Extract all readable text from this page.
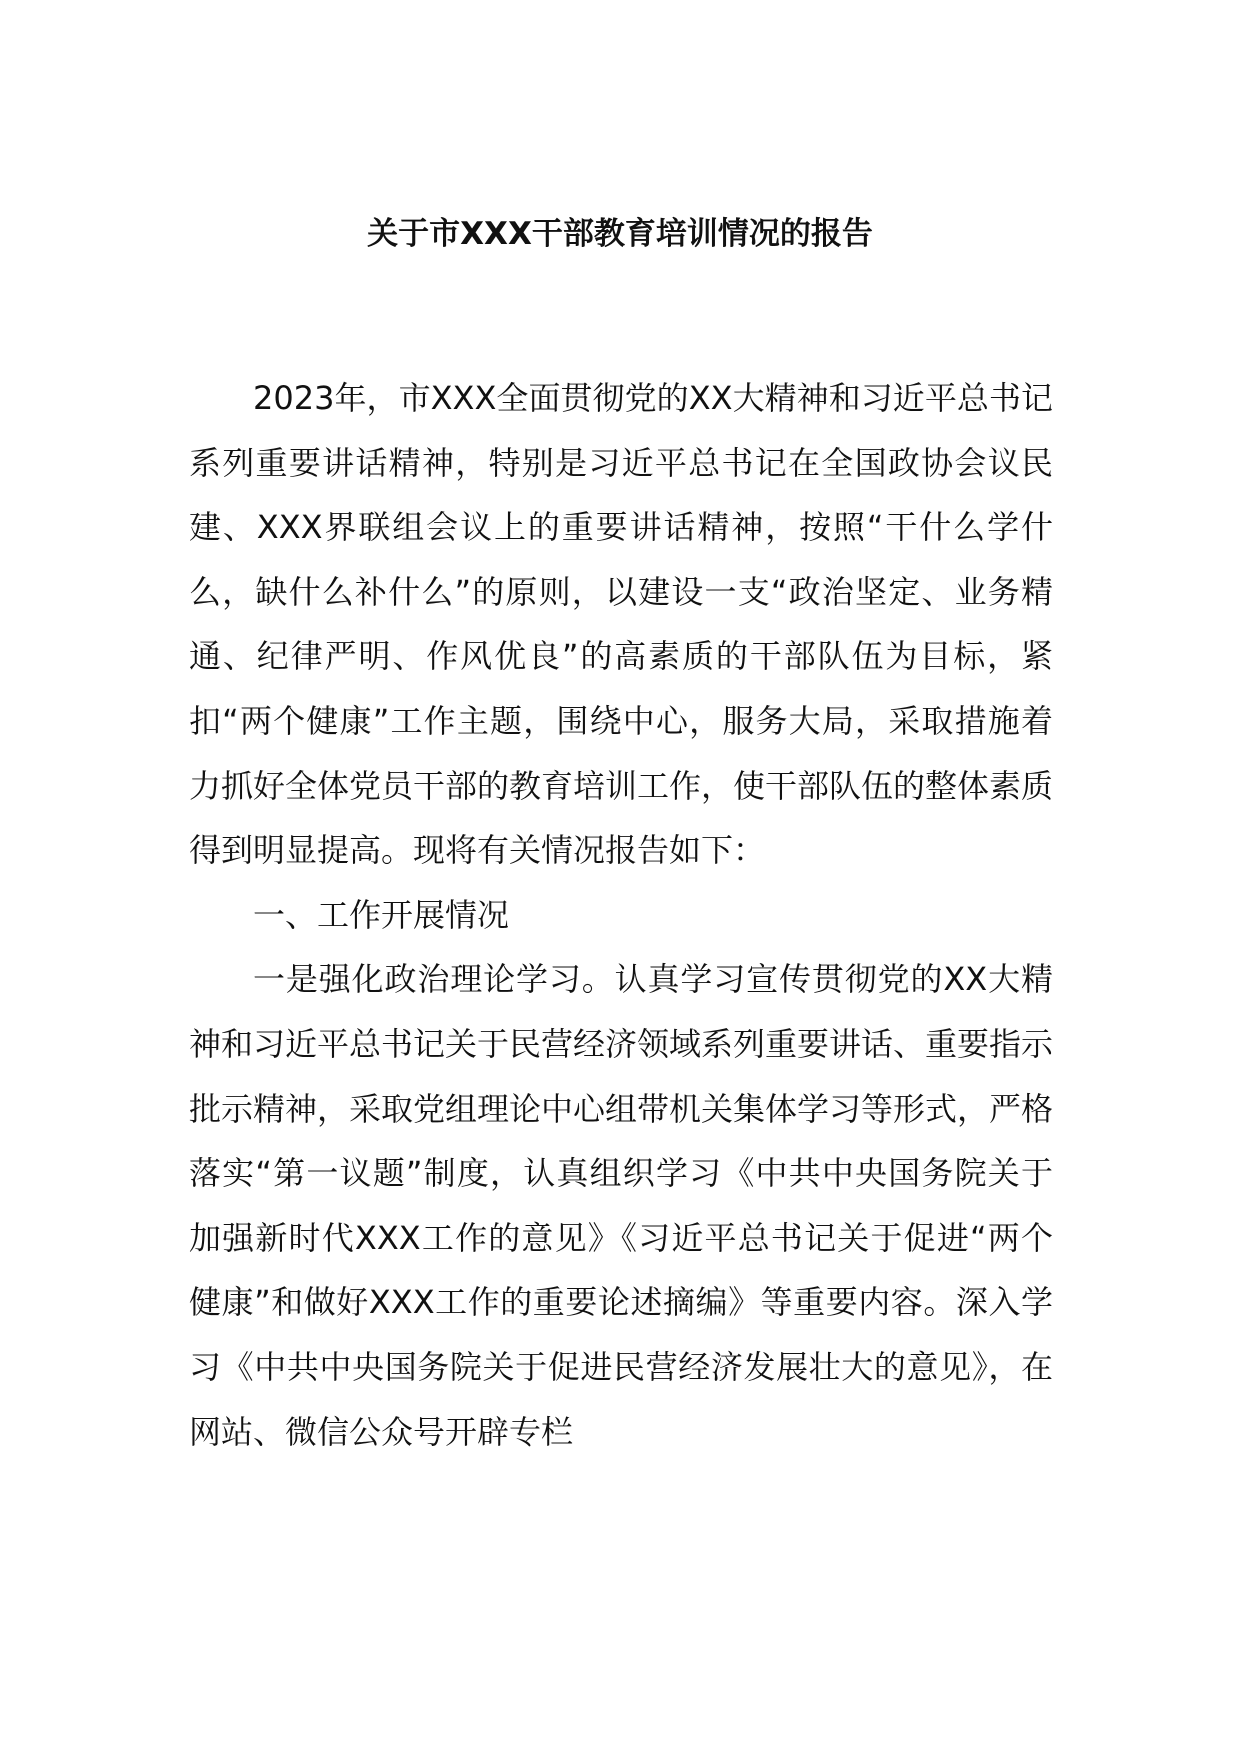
关于市XXX干部教育培训情况的报告

2023年，市XXX全面贯彻党的XX大精神和习近平总书记系列重要讲话精神，特别是习近平总书记在全国政协会议民建、XXX界联组会议上的重要讲话精神，按照“干什么学什么，缺什么补什么”的原则，以建设一支“政治坚定、业务精通、纪律严明、作风优良”的高素质的干部队伍为目标，紧扣“两个健康”工作主题，围绕中心，服务大局，采取措施着力抓好全体党员干部的教育培训工作，使干部队伍的整体素质得到明显提高。现将有关情况报告如下：

一、工作开展情况

一是强化政治理论学习。认真学习宣传贯彻党的XX大精神和习近平总书记关于民营经济领域系列重要讲话、重要指示批示精神，采取党组理论中心组带机关集体学习等形式，严格落实“第一议题”制度，认真组织学习《中共中央国务院关于加强新时代XXX工作的意见》《习近平总书记关于促进“两个健康”和做好XXX工作的重要论述摘编》等重要内容。深入学习《中共中央国务院关于促进民营经济发展壮大的意见》，在网站、微信公众号开辟专栏
